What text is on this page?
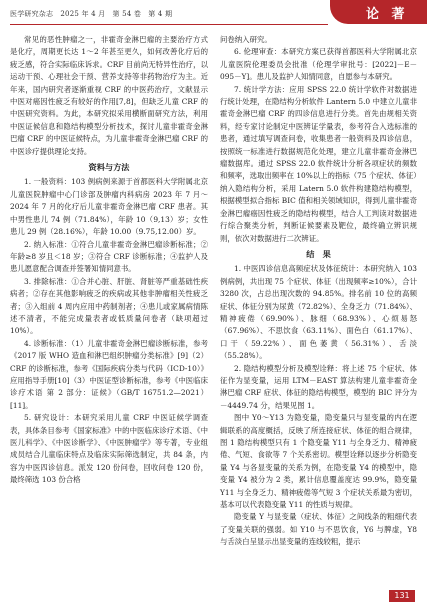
医学研究杂志　2025 年 4 月　第 54 卷　第 4 期	论 著

常见的恶性肿瘤之一，非霍奇金淋巴瘤的主要治疗方式是化疗，周期更长达 1～2 年甚至更久，如何改善化疗后的疲乏感，符合实际临床诉求。CRF 目前尚无特异性治疗，以运动干预、心理社会干预、营养支持等非药物治疗为主。近年来，国内研究者逐渐重视 CRF 的中医药治疗，文献显示中医对癌因性疲乏有较好的作用[7,8]，但缺乏儿童 CRF 的中医研究资料。为此，本研究拟采用横断面研究方法，利用中医证候信息和隐结构模型分析技术，探讨儿童非霍奇金淋巴瘤 CRF 的中医证候特点，为儿童非霍奇金淋巴瘤 CRF 的中医诊疗提供理论支持。

资料与方法

1. 一般资料：103 例病例来源于首都医科大学附属北京儿童医院肿瘤中心门诊部及肿瘤内科病房 2023 年 7 月～2024 年 7 月的化疗后儿童非霍奇金淋巴瘤 CRF 患者。其中男性患儿 74 例（71.84%），年龄 10（9,13）岁；女性患儿 29 例（28.16%），年龄 10.00（9.75,12.00）岁。

2. 纳入标准：①符合儿童非霍奇金淋巴瘤诊断标准；②年龄≥8 岁且＜18 岁；③符合 CRF 诊断标准；④监护人及患儿愿意配合调查并签署知情同意书。

3. 排除标准：①合并心脏、肝脏、肾脏等严重基础性疾病者；②存在其他影响疲乏的疾病或其他非肿瘤相关性疲乏者；③入组前 4 周内应用中药制剂者；④患儿或家属病情陈述不清者，不能完成量表者或低质量问卷者（缺项超过 10%）。

4. 诊断标准：（1）儿童非霍奇金淋巴瘤诊断标准，参考《2017 版 WHO 造血和淋巴组织肿瘤分类标准》[9]（2）CRF 的诊断标准，参考《国际疾病分类与代码（ICD-10）》应用指导手册[10]（3）中医证型诊断标准，参考《中医临床诊疗术语 第 2 部分：证候》（GB/T 16751.2—2021）[11]。

5. 研究设计：本研究采用儿童 CRF 中医证候学调查表，具体条目参考《国家标准》中的中医临床诊疗术语、《中医儿科学》、《中医诊断学》、《中医肿瘤学》等专著，专业组成员结合儿童临床特点及临床实际筛选制定，共 84 条，内容为中医四诊信息。派发 120 份问卷，回收问卷 120 份，最终筛选 103 份合格

问卷纳入研究。

6. 伦理审查：本研究方案已获得首都医科大学附属北京儿童医院伦理委员会批准（伦理学审批号：[2022]－E－095－Y]。患儿及监护人知情同意，自愿参与本研究。

7. 统计学方法：应用 SPSS 22.0 统计学软件对数据进行统计处理，在隐结构分析软件 Lantern 5.0 中建立儿童非霍奇金淋巴瘤 CRF 的四诊信息进行分类。首先由规相关资料，经专家讨论制定中医辨证学量表，参考符合入选标准的患者，通过填写调查问卷，收集患者一般资料及四诊信息，按照统一标准进行数据规范化处理，建立儿童非霍奇金淋巴瘤数据库。通过 SPSS 22.0 软件统计分析各项症状的频数和频率，选取出频率在 10%以上的指标（75 个症状、体征）纳入隐结构分析，采用 Latern 5.0 软件构建隐结构模型，根据模型拟合指标 BIC 值和相关领域知识，得到儿童非霍奇金淋巴瘤癌因性疲乏的隐结构模型，结合人工判读对数据进行综合聚类分析，判断证候要素及靶位，最终确立辨识规则，依次对数据进行二次辨证。

结　果

1. 中医四诊信息高频症状及体征统计：本研究纳入 103 例病例，共出现 75 个症状、体征（出现频率≥10%），合计 3280 次，占总出现次数的 94.85%。排名前 10 位的高频症状、体征分别为尿黄（72.82%）、全身乏力（71.84%）、精神疲倦（69.90%）、脉细（68.93%）、心烦易怒（67.96%）、不思饮食（63.11%）、面色白（61.17%）、口干（59.22%）、面色萎黄（56.31%）、舌淡（55.28%）。

2. 隐结构模型分析及模型诠释：将上述 75 个症状、体征作为显变量，运用 LTM－EAST 算法构建儿童非霍奇金淋巴瘤 CRF 症状、体征的隐结构模型，模型的 BIC 评分为－4449.74 分，结果见图 1。

图中 Y0～Y13 为隐变量，隐变量只与显变量的内在逻辑联系的高度概括，反映了所连接症状、体征的组合规律，图 1 隐结构模型只有 1 个隐变量 Y11 与全身乏力、精神疲倦、气短、食欲等 7 个关系密切。模型诠释以逐步分析隐变量 Y4 与各显变量的关系为例，在隐变量 Y4 的模型中，隐变量 Y4 被分为 2 类，累计信息覆盖度达 99.9%，隐变量 Y11 与全身乏力、精神疲倦等气短 3 个症状关系最为密切，基本可以代表隐变量 Y11 的性质与规律。

隐变量 Y 与显变量（症状、体征）之间线条的粗细代表了变量关联的强弱。如 Y10 与不思饮食，Y6 与脾虚，Y8 与舌淡白呈显示出显变量的连线较粗，提示

131
